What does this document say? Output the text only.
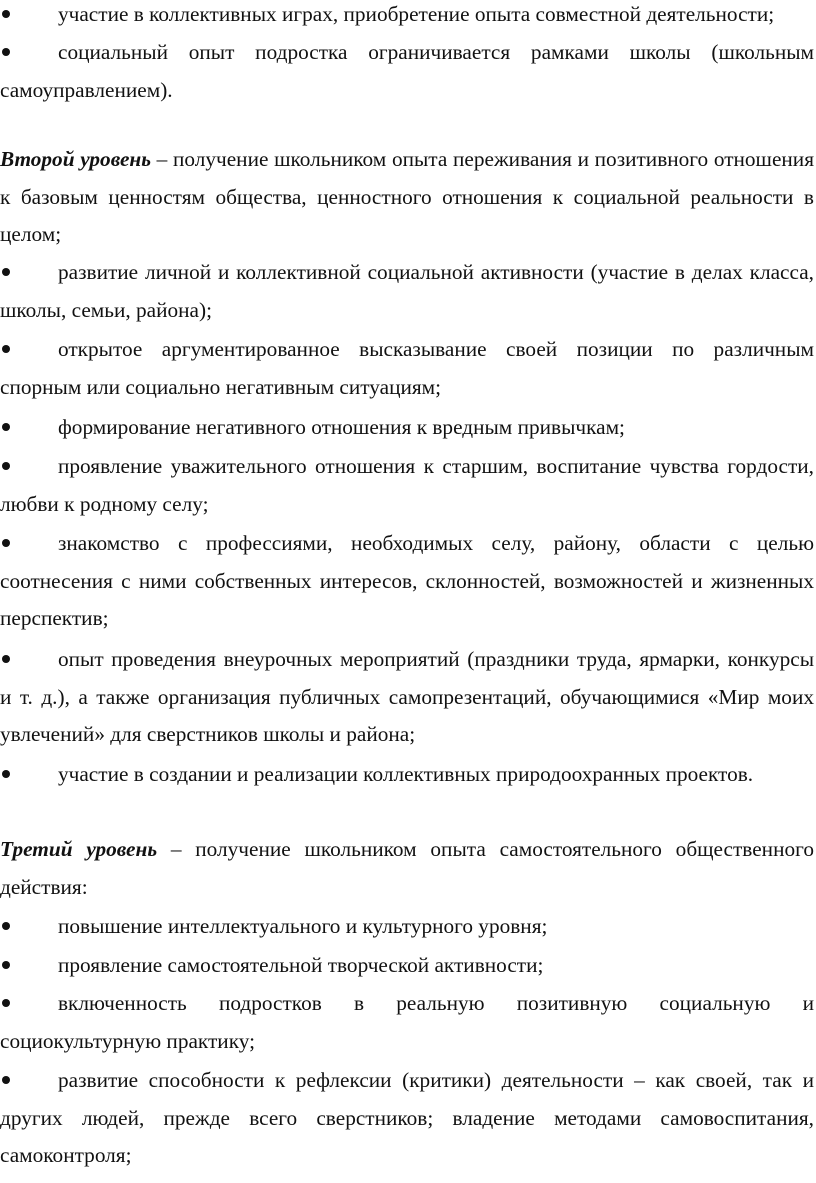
участие в коллективных играх, приобретение опыта совместной деятельности;

социальный опыт подростка ограничивается рамками школы (школьным самоуправлением).

Второй уровень – получение школьником опыта переживания и позитивного отношения к базовым ценностям общества, ценностного отношения к социальной реальности в целом;

развитие личной и коллективной социальной активности (участие в делах класса, школы, семьи, района);

открытое аргументированное высказывание своей позиции по различным спорным или социально негативным ситуациям;

формирование негативного отношения к вредным привычкам;

проявление уважительного отношения к старшим, воспитание чувства гордости, любви к родному селу;

знакомство с профессиями, необходимых селу, району, области с целью соотнесения с ними собственных интересов, склонностей, возможностей и жизненных перспектив;

опыт проведения внеурочных мероприятий (праздники труда, ярмарки, конкурсы и т. д.), а также организация публичных самопрезентаций, обучающимися «Мир моих увлечений» для сверстников школы и района;

участие в создании и реализации коллективных природоохранных проектов.

Третий уровень – получение школьником опыта самостоятельного общественного действия:

повышение интеллектуального и культурного уровня;

проявление самостоятельной творческой активности;

включенность подростков в реальную позитивную социальную и социокультурную практику;

развитие способности к рефлексии (критики) деятельности – как своей, так и других людей, прежде всего сверстников; владение методами самовоспитания, самоконтроля;
